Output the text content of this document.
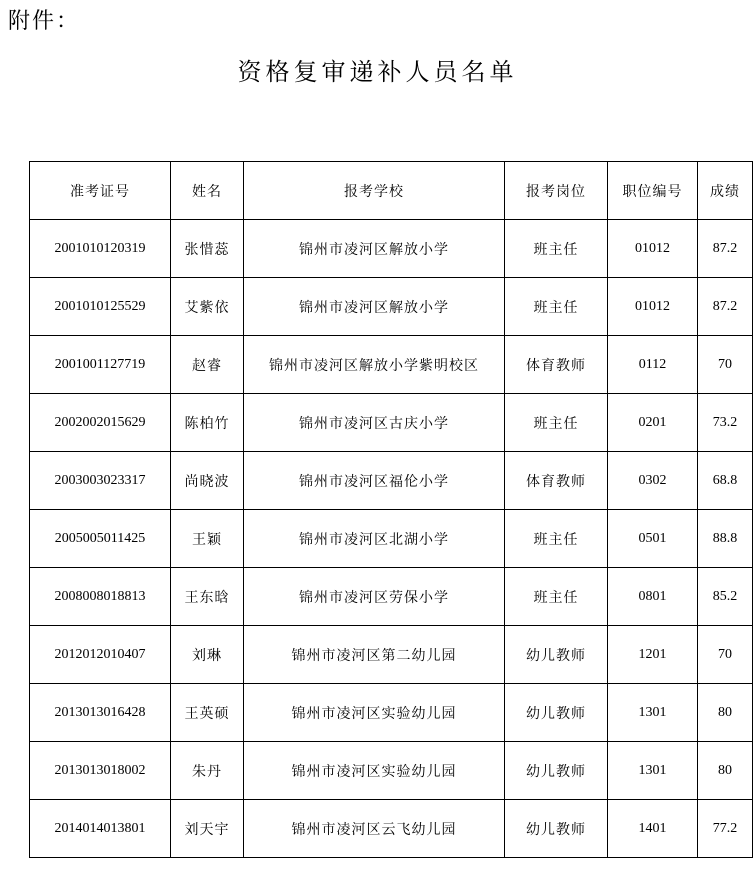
附件：
资格复审递补人员名单
准考证号	姓名	报考学校	报考岗位	职位编号	成绩
2001010120319	张惜蕊	锦州市凌河区解放小学	班主任	01012	87.2
2001010125529	艾紫依	锦州市凌河区解放小学	班主任	01012	87.2
2001001127719	赵睿	锦州市凌河区解放小学紫明校区	体育教师	0112	70
2002002015629	陈柏竹	锦州市凌河区古庆小学	班主任	0201	73.2
2003003023317	尚晓波	锦州市凌河区福伦小学	体育教师	0302	68.8
2005005011425	王颖	锦州市凌河区北湖小学	班主任	0501	88.8
2008008018813	王东晗	锦州市凌河区劳保小学	班主任	0801	85.2
2012012010407	刘琳	锦州市凌河区第二幼儿园	幼儿教师	1201	70
2013013016428	王英硕	锦州市凌河区实验幼儿园	幼儿教师	1301	80
2013013018002	朱丹	锦州市凌河区实验幼儿园	幼儿教师	1301	80
2014014013801	刘天宇	锦州市凌河区云飞幼儿园	幼儿教师	1401	77.2
